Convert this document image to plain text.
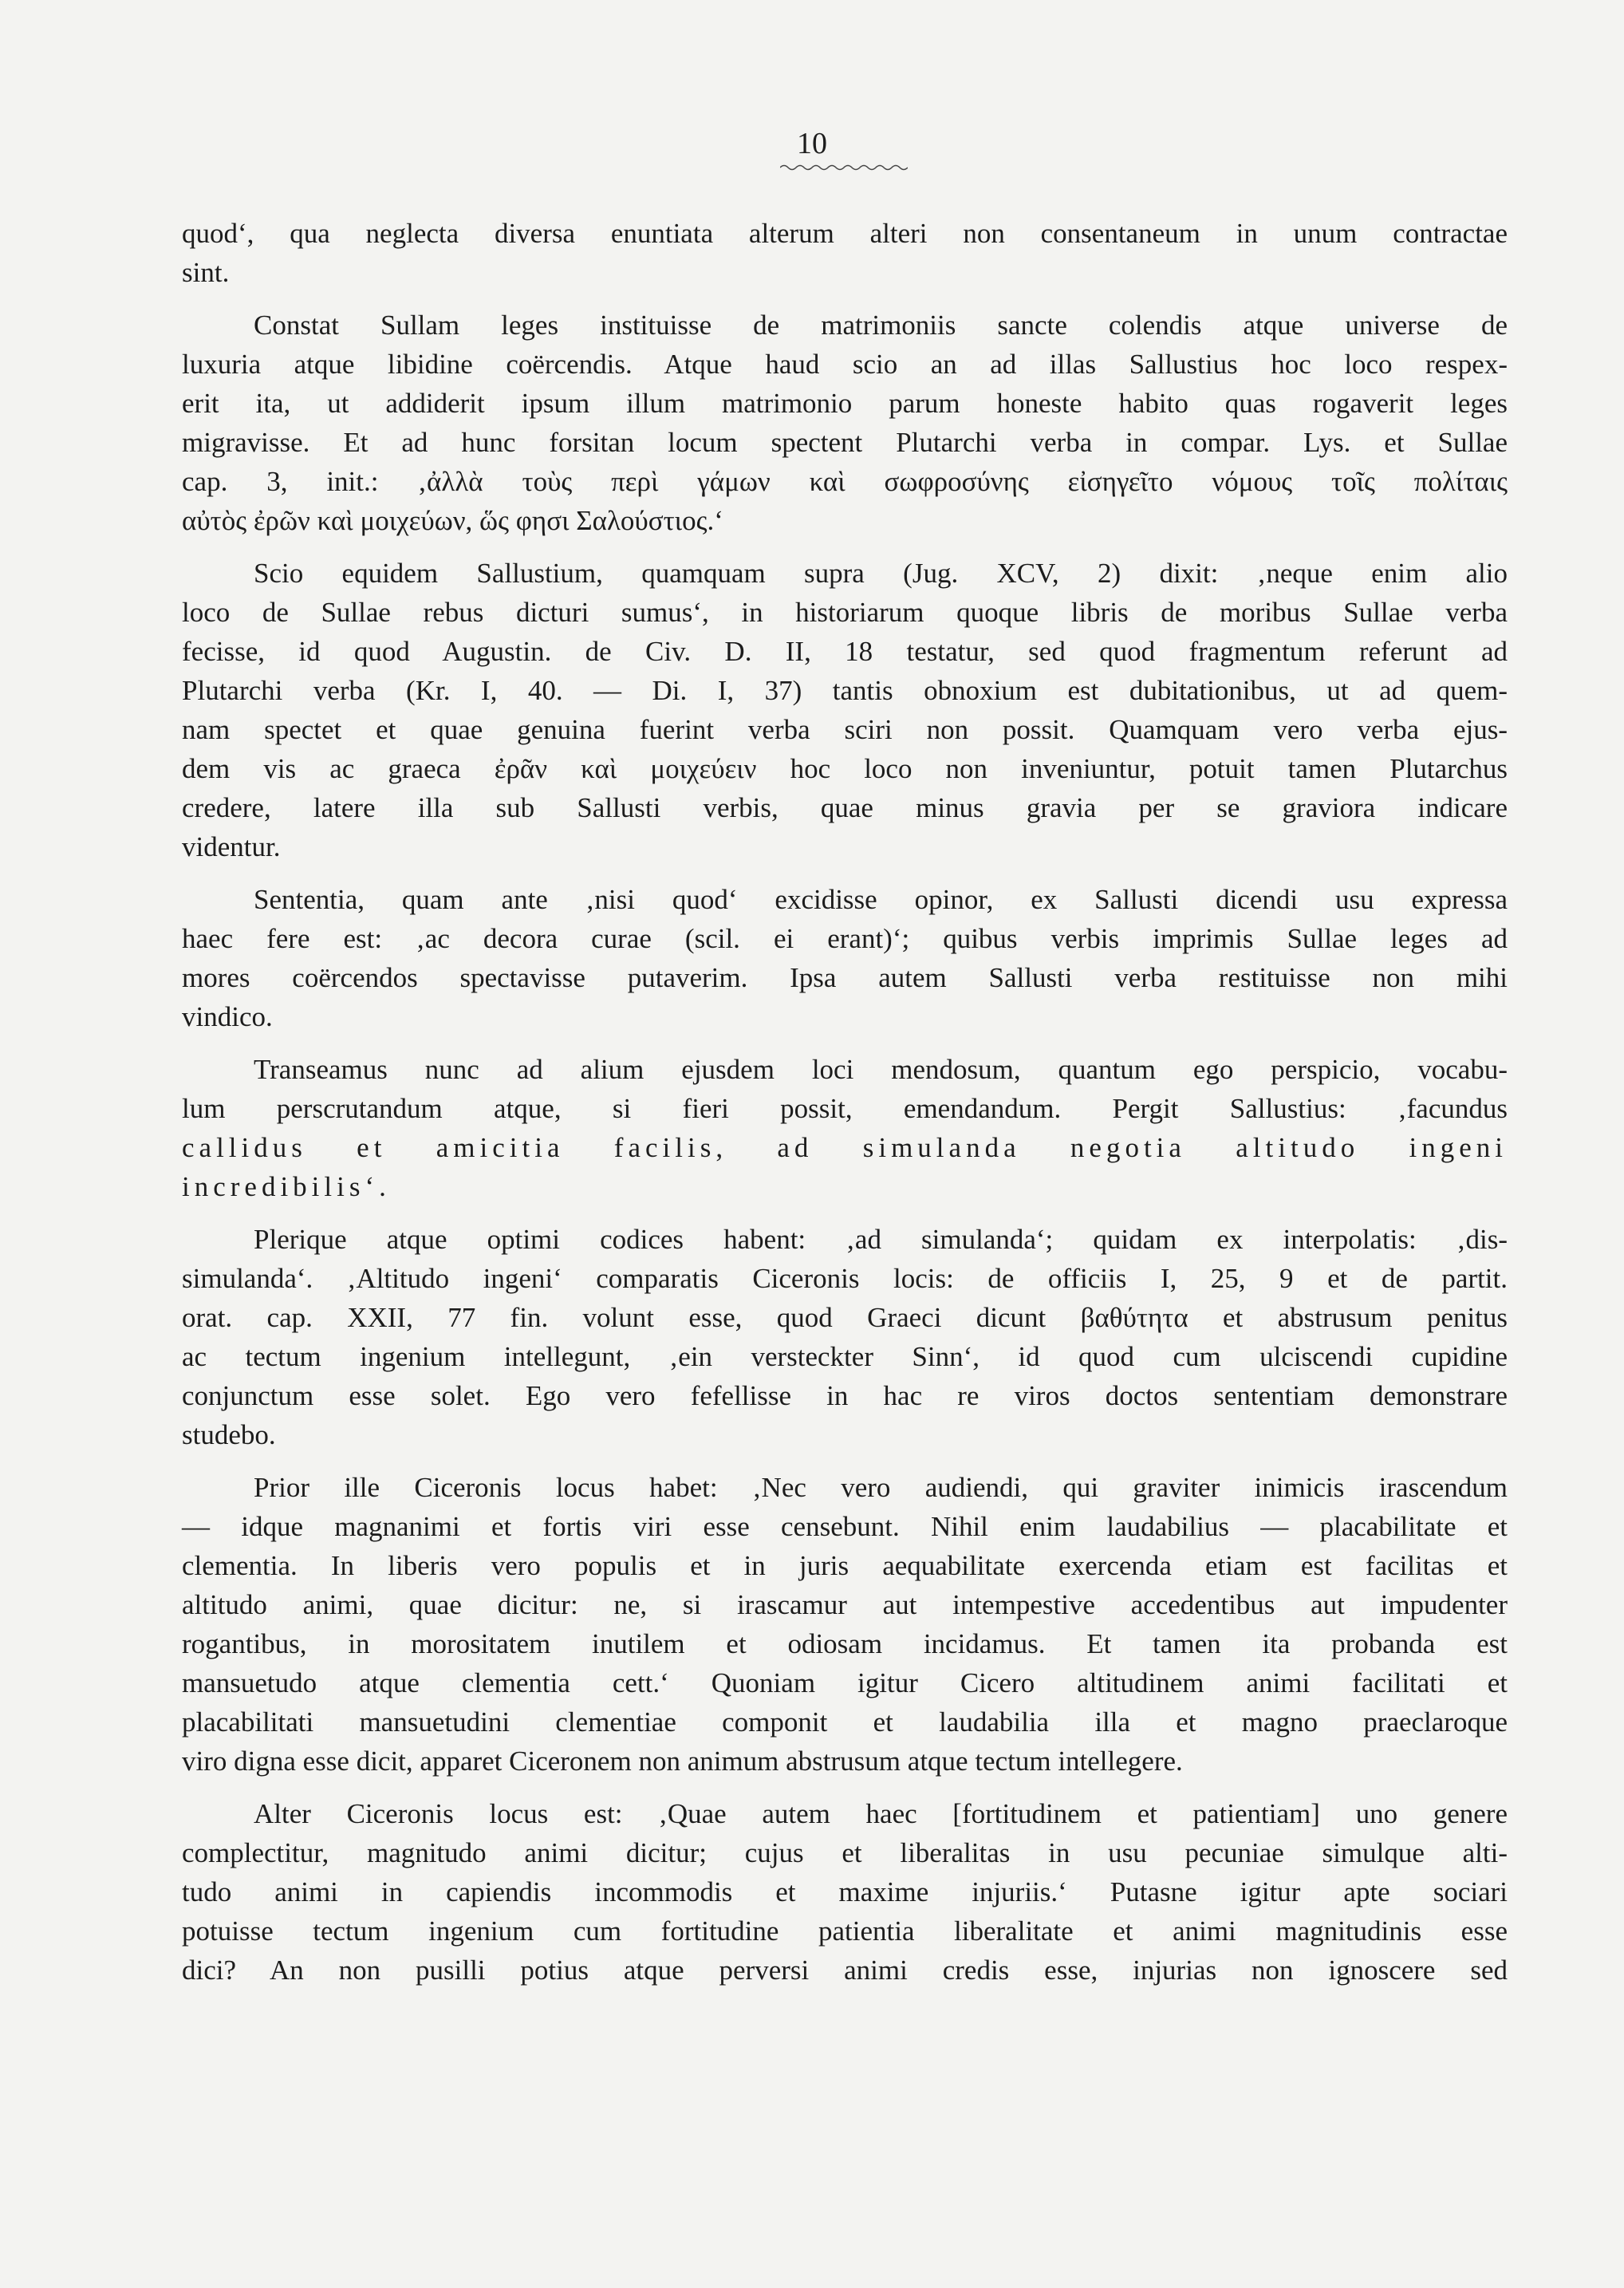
10
quod‘, qua neglecta diversa enuntiata alterum alteri non consentaneum in unum contractae
sint.
Constat Sullam leges instituisse de matrimoniis sancte colendis atque universe de
luxuria atque libidine coërcendis. Atque haud scio an ad illas Sallustius hoc loco respex-
erit ita, ut addiderit ipsum illum matrimonio parum honeste habito quas rogaverit leges
migravisse. Et ad hunc forsitan locum spectent Plutarchi verba in compar. Lys. et Sullae
cap. 3, init.: ‚ἀλλὰ τοὺς περὶ γάμων καὶ σωφροσύνης εἰσηγεῖτο νόμους τοῖς πολίταις
αὐτὸς ἐρῶν καὶ μοιχεύων, ὥς φησι Σαλούστιος.‘
Scio equidem Sallustium, quamquam supra (Jug. XCV, 2) dixit: ‚neque enim alio
loco de Sullae rebus dicturi sumus‘, in historiarum quoque libris de moribus Sullae verba
fecisse, id quod Augustin. de Civ. D. II, 18 testatur, sed quod fragmentum referunt ad
Plutarchi verba (Kr. I, 40. — Di. I, 37) tantis obnoxium est dubitationibus, ut ad quem-
nam spectet et quae genuina fuerint verba sciri non possit. Quamquam vero verba ejus-
dem vis ac graeca ἐρᾶν καὶ μοιχεύειν hoc loco non inveniuntur, potuit tamen Plutarchus
credere, latere illa sub Sallusti verbis, quae minus gravia per se graviora indicare
videntur.
Sententia, quam ante ‚nisi quod‘ excidisse opinor, ex Sallusti dicendi usu expressa
haec fere est: ‚ac decora curae (scil. ei erant)‘; quibus verbis imprimis Sullae leges ad
mores coërcendos spectavisse putaverim. Ipsa autem Sallusti verba restituisse non mihi
vindico.
Transeamus nunc ad alium ejusdem loci mendosum, quantum ego perspicio, vocabu-
lum perscrutandum atque, si fieri possit, emendandum. Pergit Sallustius: ‚facundus
callidus et amicitia facilis, ad simulanda negotia altitudo ingeni
incredibilis‘.
Plerique atque optimi codices habent: ‚ad simulanda‘; quidam ex interpolatis: ‚dis-
simulanda‘. ‚Altitudo ingeni‘ comparatis Ciceronis locis: de officiis I, 25, 9 et de partit.
orat. cap. XXII, 77 fin. volunt esse, quod Graeci dicunt βαθύτητα et abstrusum penitus
ac tectum ingenium intellegunt, ‚ein versteckter Sinn‘, id quod cum ulciscendi cupidine
conjunctum esse solet. Ego vero fefellisse in hac re viros doctos sententiam demonstrare
studebo.
Prior ille Ciceronis locus habet: ‚Nec vero audiendi, qui graviter inimicis irascendum
— idque magnanimi et fortis viri esse censebunt. Nihil enim laudabilius — placabilitate et
clementia. In liberis vero populis et in juris aequabilitate exercenda etiam est facilitas et
altitudo animi, quae dicitur: ne, si irascamur aut intempestive accedentibus aut impudenter
rogantibus, in morositatem inutilem et odiosam incidamus. Et tamen ita probanda est
mansuetudo atque clementia cett.‘ Quoniam igitur Cicero altitudinem animi facilitati et
placabilitati mansuetudini clementiae componit et laudabilia illa et magno praeclaroque
viro digna esse dicit, apparet Ciceronem non animum abstrusum atque tectum intellegere.
Alter Ciceronis locus est: ‚Quae autem haec [fortitudinem et patientiam] uno genere
complectitur, magnitudo animi dicitur; cujus et liberalitas in usu pecuniae simulque alti-
tudo animi in capiendis incommodis et maxime injuriis.‘ Putasne igitur apte sociari
potuisse tectum ingenium cum fortitudine patientia liberalitate et animi magnitudinis esse
dici? An non pusilli potius atque perversi animi credis esse, injurias non ignoscere sed
